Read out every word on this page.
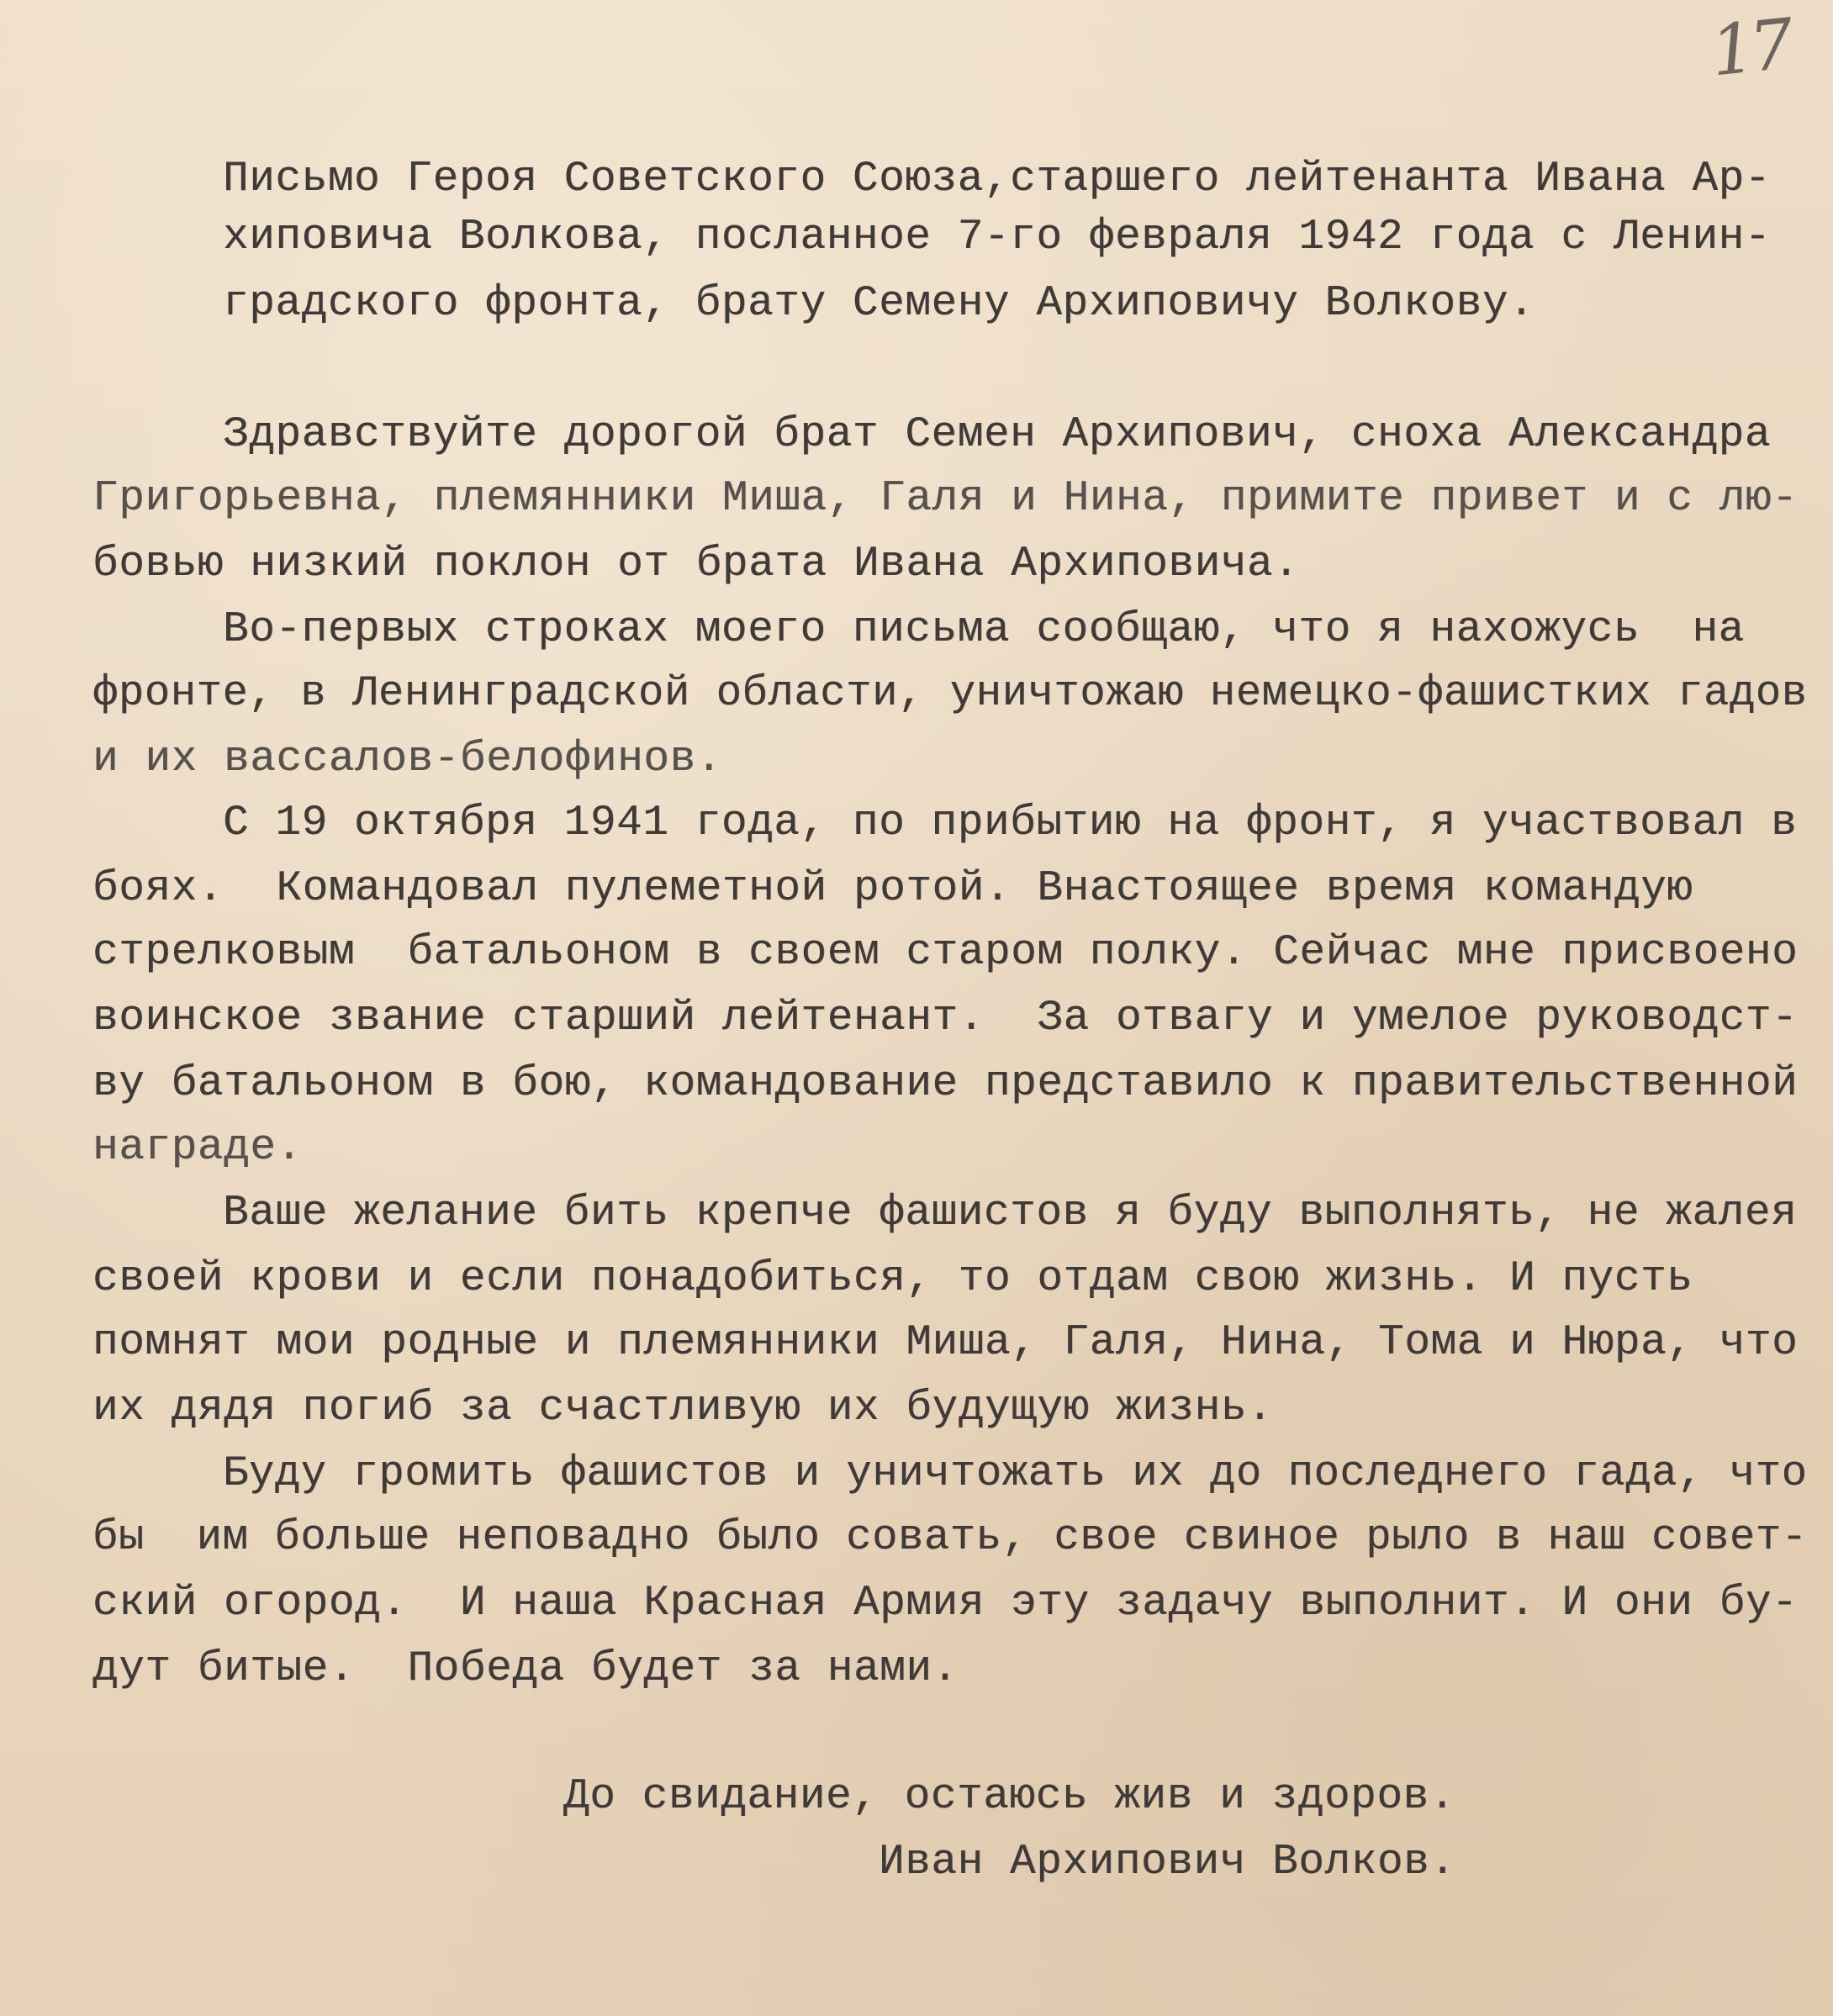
17
Письмо Героя Советского Союза,старшего лейтенанта Ивана Ар-
хиповича Волкова, посланное 7-го февраля 1942 года с Ленин-
градского фронта, брату Семену Архиповичу Волкову.
Здравствуйте дорогой брат Семен Архипович, сноха Александра
Григорьевна, племянники Миша, Галя и Нина, примите привет и с лю-
бовью низкий поклон от брата Ивана Архиповича.
Во-первых строках моего письма сообщаю, что я нахожусь  на
фронте, в Ленинградской области, уничтожаю немецко-фашистких гадов
и их вассалов-белофинов.
С 19 октября 1941 года, по прибытию на фронт, я участвовал в
боях.  Командовал пулеметной ротой. Внастоящее время командую
стрелковым  батальоном в своем старом полку. Сейчас мне присвоено
воинское звание старший лейтенант.  За отвагу и умелое руководст-
ву батальоном в бою, командование представило к правительственной
награде.
Ваше желание бить крепче фашистов я буду выполнять, не жалея
своей крови и если понадобиться, то отдам свою жизнь. И пусть
помнят мои родные и племянники Миша, Галя, Нина, Тома и Нюра, что
их дядя погиб за счастливую их будущую жизнь.
Буду громить фашистов и уничтожать их до последнего гада, что
бы  им больше неповадно было совать, свое свиное рыло в наш совет-
ский огород.  И наша Красная Армия эту задачу выполнит. И они бу-
дут битые.  Победа будет за нами.
До свидание, остаюсь жив и здоров.
Иван Архипович Волков.
